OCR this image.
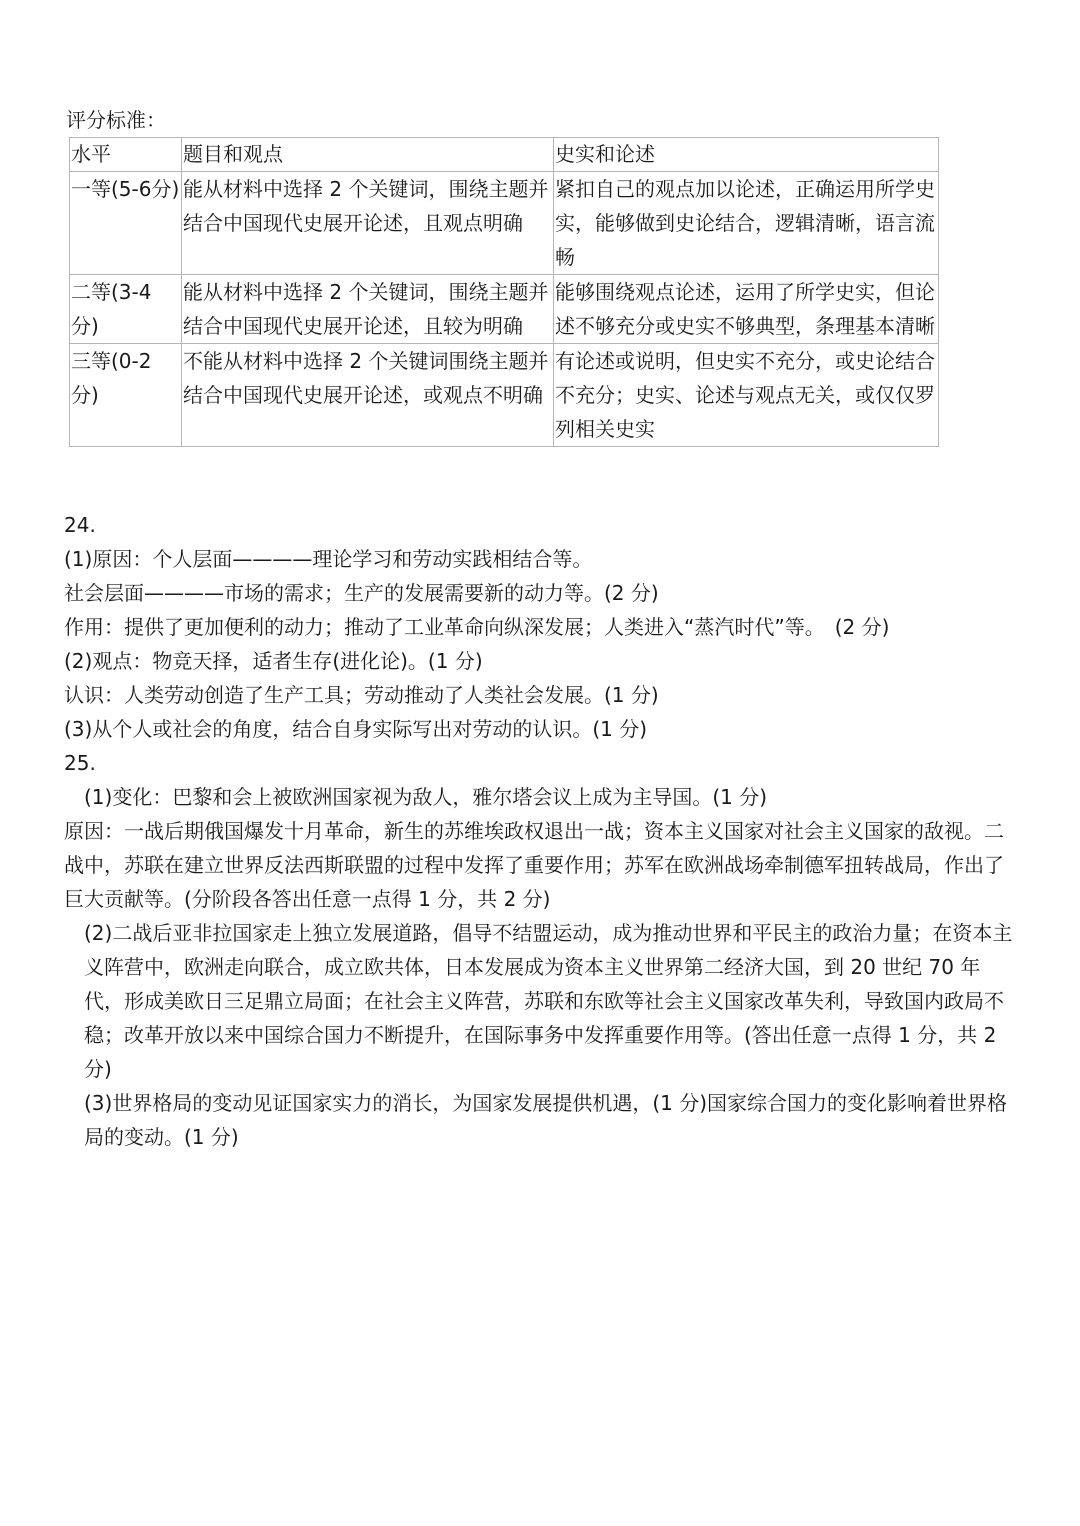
评分标准：
水平	题目和观点	史实和论述
一等(5-6分)	能从材料中选择 2 个关键词，围绕主题并结合中国现代史展开论述，且观点明确	紧扣自己的观点加以论述，正确运用所学史实，能够做到史论结合，逻辑清晰，语言流畅
二等(3-4 分)	能从材料中选择 2 个关键词，围绕主题并结合中国现代史展开论述，且较为明确	能够围绕观点论述，运用了所学史实，但论述不够充分或史实不够典型，条理基本清晰
三等(0-2 分)	不能从材料中选择 2 个关键词围绕主题并结合中国现代史展开论述，或观点不明确	有论述或说明，但史实不充分，或史论结合不充分；史实、论述与观点无关，或仅仅罗列相关史实
24.
(1)原因：个人层面————理论学习和劳动实践相结合等。
社会层面————市场的需求；生产的发展需要新的动力等。(2 分)
作用：提供了更加便利的动力；推动了工业革命向纵深发展；人类进入“蒸汽时代”等。　(2 分)
(2)观点：物竞天择，适者生存(进化论)。(1 分)
认识：人类劳动创造了生产工具；劳动推动了人类社会发展。(1 分)
(3)从个人或社会的角度，结合自身实际写出对劳动的认识。(1 分)
25.

(1)变化：巴黎和会上被欧洲国家视为敌人，雅尔塔会议上成为主导国。(1 分)

原因：一战后期俄国爆发十月革命，新生的苏维埃政权退出一战；资本主义国家对社会主义国家的敌视。二战中，苏联在建立世界反法西斯联盟的过程中发挥了重要作用；苏军在欧洲战场牵制德军扭转战局，作出了巨大贡献等。(分阶段各答出任意一点得 1 分，共 2 分)

(2)二战后亚非拉国家走上独立发展道路，倡导不结盟运动，成为推动世界和平民主的政治力量；在资本主义阵营中，欧洲走向联合，成立欧共体，日本发展成为资本主义世界第二经济大国，到 20 世纪 70 年代，形成美欧日三足鼎立局面；在社会主义阵营，苏联和东欧等社会主义国家改革失利，导致国内政局不稳；改革开放以来中国综合国力不断提升，在国际事务中发挥重要作用等。(答出任意一点得 1 分，共 2 分)

(3)世界格局的变动见证国家实力的消长，为国家发展提供机遇，(1 分)国家综合国力的变化影响着世界格局的变动。(1 分)
